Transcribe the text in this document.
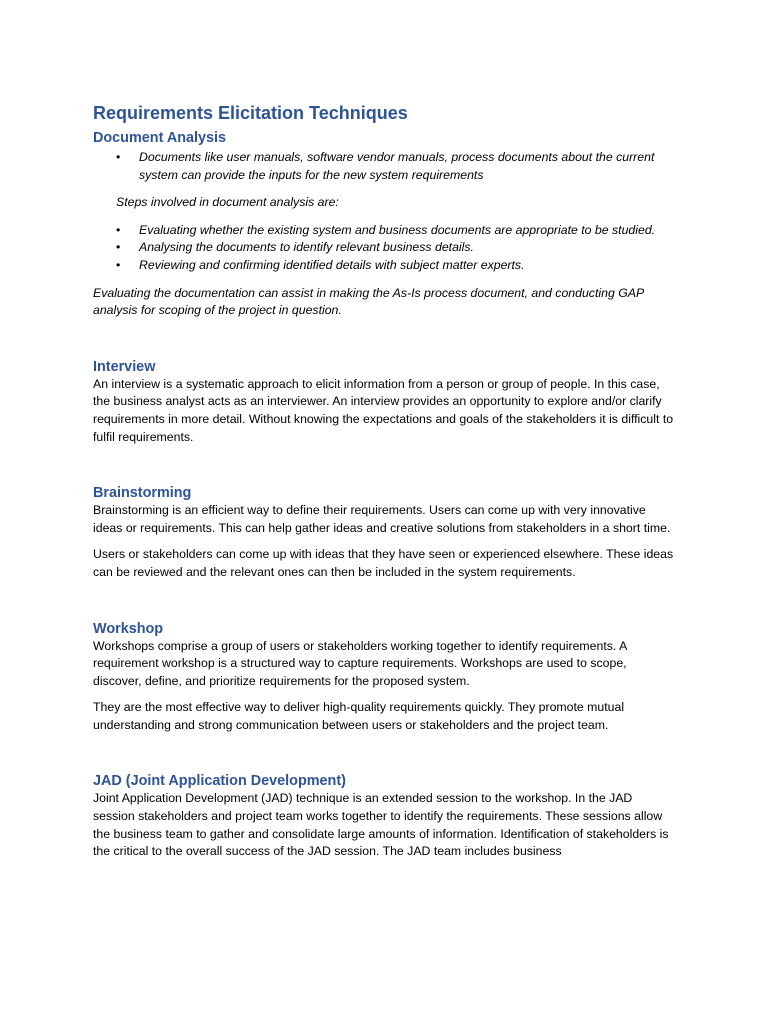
Requirements Elicitation Techniques
Document Analysis
• Documents like user manuals, software vendor manuals, process documents about the current system can provide the inputs for the new system requirements

Steps involved in document analysis are:

• Evaluating whether the existing system and business documents are appropriate to be studied.
• Analysing the documents to identify relevant business details.
• Reviewing and confirming identified details with subject matter experts.

Evaluating the documentation can assist in making the As-Is process document, and conducting GAP analysis for scoping of the project in question.

Interview

An interview is a systematic approach to elicit information from a person or group of people. In this case, the business analyst acts as an interviewer. An interview provides an opportunity to explore and/or clarify requirements in more detail. Without knowing the expectations and goals of the stakeholders it is difficult to fulfil requirements.

Brainstorming

Brainstorming is an efficient way to define their requirements. Users can come up with very innovative ideas or requirements. This can help gather ideas and creative solutions from stakeholders in a short time.

Users or stakeholders can come up with ideas that they have seen or experienced elsewhere. These ideas can be reviewed and the relevant ones can then be included in the system requirements.

Workshop

Workshops comprise a group of users or stakeholders working together to identify requirements. A requirement workshop is a structured way to capture requirements. Workshops are used to scope, discover, define, and prioritize requirements for the proposed system.

They are the most effective way to deliver high-quality requirements quickly. They promote mutual understanding and strong communication between users or stakeholders and the project team.

JAD (Joint Application Development)

Joint Application Development (JAD) technique is an extended session to the workshop. In the JAD session stakeholders and project team works together to identify the requirements. These sessions allow the business team to gather and consolidate large amounts of information. Identification of stakeholders is the critical to the overall success of the JAD session. The JAD team includes business
